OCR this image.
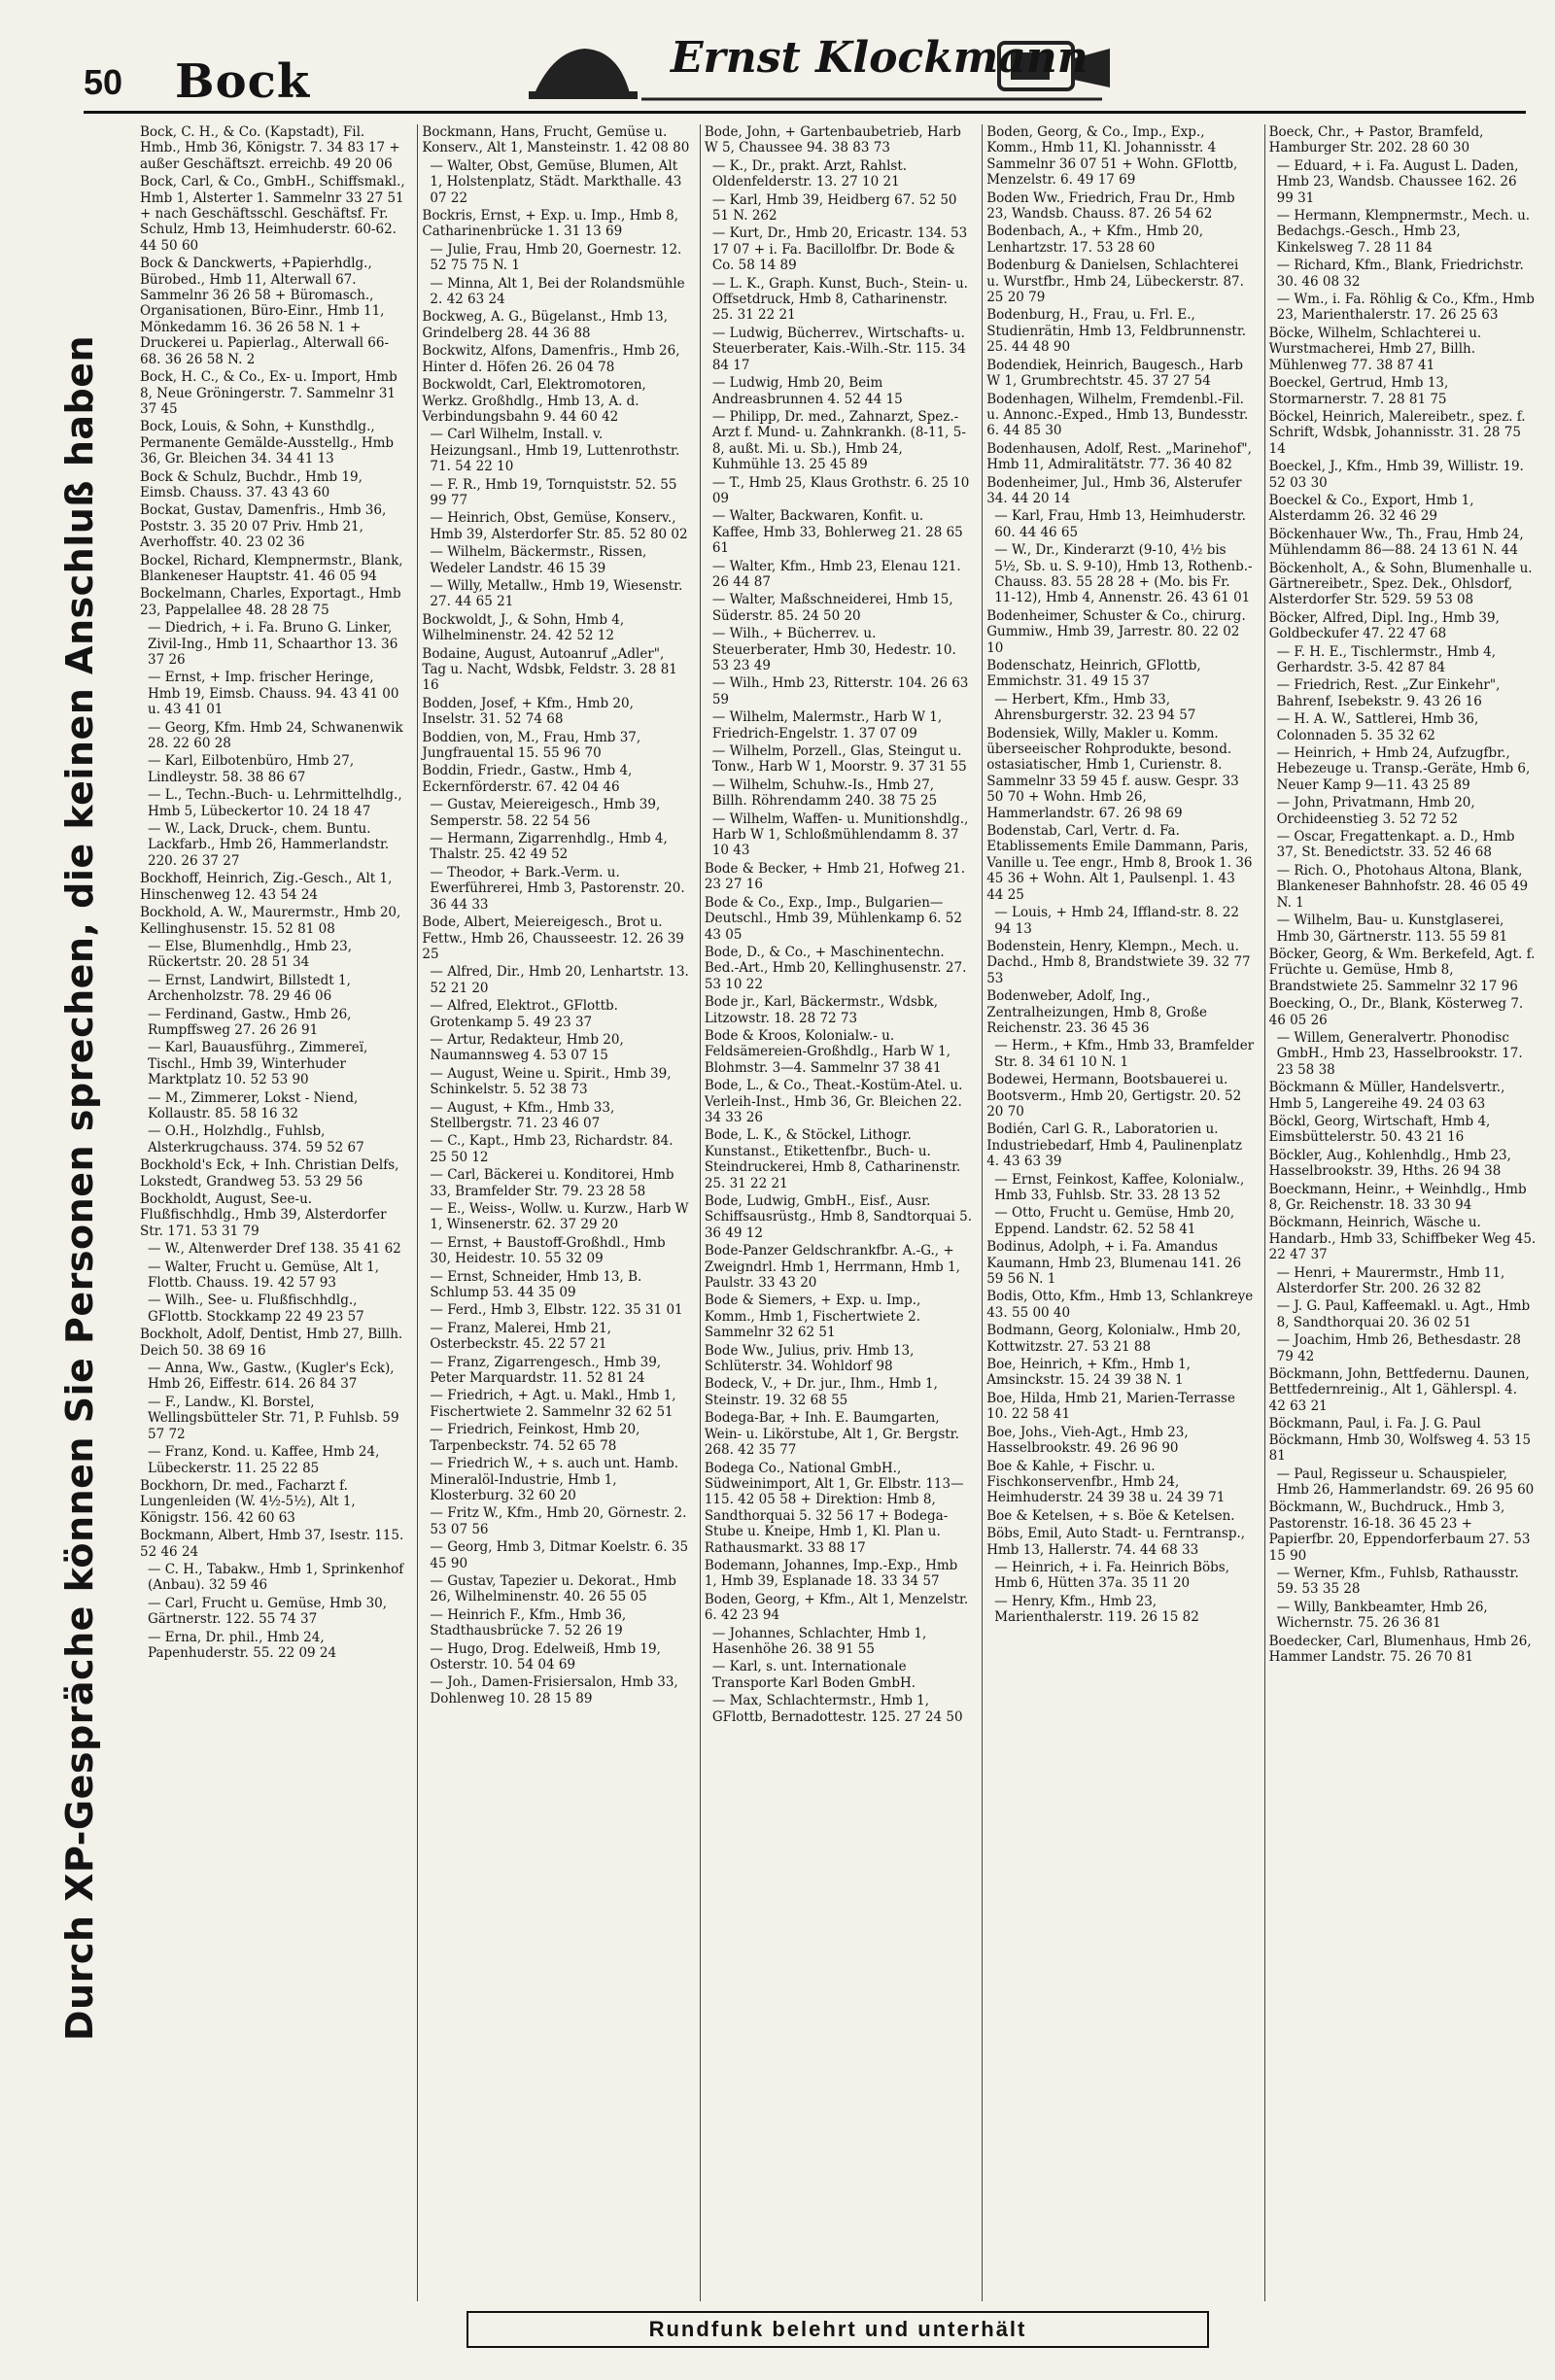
50 Bock	Ernst Klockmann
Durch XP-Gespräche können Sie Personen sprechen, die keinen Anschluß haben

Bock, C. H., & Co. (Kapstadt), Fil. Hmb., Hmb 36, Königstr. 7. 34 83 17 + außer Geschäftszt. erreichb. 49 20 06

Bock, Carl, & Co., GmbH., Schiffsmakl., Hmb 1, Alsterter 1. Sammelnr 33 27 51 + nach Geschäftsschl. Geschäftsf. Fr. Schulz, Hmb 13, Heimhuderstr. 60-62. 44 50 60

Bock & Danckwerts, +Papierhdlg., Bürobed., Hmb 11, Alterwall 67. Sammelnr 36 26 58 + Büromasch., Organisationen, Büro-Einr., Hmb 11, Mönkedamm 16. 36 26 58 N. 1 + Druckerei u. Papierlag., Alterwall 66-68. 36 26 58 N. 2

Bock, H. C., & Co., Ex- u. Import, Hmb 8, Neue Gröningerstr. 7. Sammelnr 31 37 45

Bock, Louis, & Sohn, + Kunsthdlg., Permanente Gemälde-Ausstellg., Hmb 36, Gr. Bleichen 34. 34 41 13

Bock & Schulz, Buchdr., Hmb 19, Eimsb. Chauss. 37. 43 43 60

Bockat, Gustav, Damenfris., Hmb 36, Poststr. 3. 35 20 07 Priv. Hmb 21, Averhoffstr. 40. 23 02 36

Bockel, Richard, Klempnermstr., Blank, Blankeneser Hauptstr. 41. 46 05 94

Bockelmann, Charles, Exportagt., Hmb 23, Pappelallee 48. 28 28 75

— Diedrich, + i. Fa. Bruno G. Linker, Zivil-Ing., Hmb 11, Schaarthor 13. 36 37 26

— Ernst, + Imp. frischer Heringe, Hmb 19, Eimsb. Chauss. 94. 43 41 00 u. 43 41 01

— Georg, Kfm. Hmb 24, Schwanenwik 28. 22 60 28

— Karl, Eilbotenbüro, Hmb 27, Lindleystr. 58. 38 86 67

— L., Techn.-Buch- u. Lehrmittelhdlg., Hmb 5, Lübeckertor 10. 24 18 47

— W., Lack, Druck-, chem. Buntu. Lackfarb., Hmb 26, Hammerlandstr. 220. 26 37 27

Bockhoff, Heinrich, Zig.-Gesch., Alt 1, Hinschenweg 12. 43 54 24

Bockhold, A. W., Maurermstr., Hmb 20, Kellinghusenstr. 15. 52 81 08

— Else, Blumenhdlg., Hmb 23, Rückertstr. 20. 28 51 34

— Ernst, Landwirt, Billstedt 1, Archenholzstr. 78. 29 46 06

— Ferdinand, Gastw., Hmb 26, Rumpffsweg 27. 26 26 91

— Karl, Bauausführg., Zimmereï, Tischl., Hmb 39, Winterhuder Marktplatz 10. 52 53 90

— M., Zimmerer, Lokst - Niend, Kollaustr. 85. 58 16 32

— O.H., Holzhdlg., Fuhlsb, Alsterkrugchauss. 374. 59 52 67

Bockhold's Eck, + Inh. Christian Delfs, Lokstedt, Grandweg 53. 53 29 56

Bockholdt, August, See-u. Flußfischhdlg., Hmb 39, Alsterdorfer Str. 171. 53 31 79

— W., Altenwerder Dref 138. 35 41 62

— Walter, Frucht u. Gemüse, Alt 1, Flottb. Chauss. 19. 42 57 93

— Wilh., See- u. Flußfischhdlg., GFlottb. Stockkamp 22 49 23 57

Bockholt, Adolf, Dentist, Hmb 27, Billh. Deich 50. 38 69 16

— Anna, Ww., Gastw., (Kugler's Eck), Hmb 26, Eiffestr. 614. 26 84 37

— F., Landw., Kl. Borstel, Wellingsbütteler Str. 71, P. Fuhlsb. 59 57 72

— Franz, Kond. u. Kaffee, Hmb 24, Lübeckerstr. 11. 25 22 85

Bockhorn, Dr. med., Facharzt f. Lungenleiden (W. 4½-5½), Alt 1, Königstr. 156. 42 60 63

Bockmann, Albert, Hmb 37, Isestr. 115. 52 46 24

— C. H., Tabakw., Hmb 1, Sprinkenhof (Anbau). 32 59 46

— Carl, Frucht u. Gemüse, Hmb 30, Gärtnerstr. 122. 55 74 37

— Erna, Dr. phil., Hmb 24, Papenhuderstr. 55. 22 09 24

Bockmann, Hans, Frucht, Gemüse u. Konserv., Alt 1, Mansteinstr. 1. 42 08 80

— Walter, Obst, Gemüse, Blumen, Alt 1, Holstenplatz, Städt. Markthalle. 43 07 22

Bockris, Ernst, + Exp. u. Imp., Hmb 8, Catharinenbrücke 1. 31 13 69

— Julie, Frau, Hmb 20, Goernestr. 12. 52 75 75 N. 1

— Minna, Alt 1, Bei der Rolandsmühle 2. 42 63 24

Bockweg, A. G., Bügelanst., Hmb 13, Grindelberg 28. 44 36 88

Bockwitz, Alfons, Damenfris., Hmb 26, Hinter d. Höfen 26. 26 04 78

Bockwoldt, Carl, Elektromotoren, Werkz. Großhdlg., Hmb 13, A. d. Verbindungsbahn 9. 44 60 42

— Carl Wilhelm, Install. v. Heizungsanl., Hmb 19, Luttenrothstr. 71. 54 22 10

— F. R., Hmb 19, Tornquiststr. 52. 55 99 77

— Heinrich, Obst, Gemüse, Konserv., Hmb 39, Alsterdorfer Str. 85. 52 80 02

— Wilhelm, Bäckermstr., Rissen, Wedeler Landstr. 46 15 39

— Willy, Metallw., Hmb 19, Wiesenstr. 27. 44 65 21

Bockwoldt, J., & Sohn, Hmb 4, Wilhelminenstr. 24. 42 52 12

Bodaine, August, Autoanruf „Adler", Tag u. Nacht, Wdsbk, Feldstr. 3. 28 81 16

Bodden, Josef, + Kfm., Hmb 20, Inselstr. 31. 52 74 68

Boddien, von, M., Frau, Hmb 37, Jungfrauental 15. 55 96 70

Boddin, Friedr., Gastw., Hmb 4, Eckernförderstr. 67. 42 04 46

— Gustav, Meiereigesch., Hmb 39, Semperstr. 58. 22 54 56

— Hermann, Zigarrenhdlg., Hmb 4, Thalstr. 25. 42 49 52

— Theodor, + Bark.-Verm. u. Ewerführerei, Hmb 3, Pastorenstr. 20. 36 44 33

Bode, Albert, Meiereigesch., Brot u. Fettw., Hmb 26, Chausseestr. 12. 26 39 25

— Alfred, Dir., Hmb 20, Lenhartstr. 13. 52 21 20

— Alfred, Elektrot., GFlottb. Grotenkamp 5. 49 23 37

— Artur, Redakteur, Hmb 20, Naumannsweg 4. 53 07 15

— August, Weine u. Spirit., Hmb 39, Schinkelstr. 5. 52 38 73

— August, + Kfm., Hmb 33, Stellbergstr. 71. 23 46 07

— C., Kapt., Hmb 23, Richardstr. 84. 25 50 12

— Carl, Bäckerei u. Konditorei, Hmb 33, Bramfelder Str. 79. 23 28 58

— E., Weiss-, Wollw. u. Kurzw., Harb W 1, Winsenerstr. 62. 37 29 20

— Ernst, + Baustoff-Großhdl., Hmb 30, Heidestr. 10. 55 32 09

— Ernst, Schneider, Hmb 13, B. Schlump 53. 44 35 09

— Ferd., Hmb 3, Elbstr. 122. 35 31 01

— Franz, Malerei, Hmb 21, Osterbeckstr. 45. 22 57 21

— Franz, Zigarrengesch., Hmb 39, Peter Marquardstr. 11. 52 81 24

— Friedrich, + Agt. u. Makl., Hmb 1, Fischertwiete 2. Sammelnr 32 62 51

— Friedrich, Feinkost, Hmb 20, Tarpenbeckstr. 74. 52 65 78

— Friedrich W., + s. auch unt. Hamb. Mineralöl-Industrie, Hmb 1, Klosterburg. 32 60 20

— Fritz W., Kfm., Hmb 20, Görnestr. 2. 53 07 56

— Georg, Hmb 3, Ditmar Koelstr. 6. 35 45 90

— Gustav, Tapezier u. Dekorat., Hmb 26, Wilhelminenstr. 40. 26 55 05

— Heinrich F., Kfm., Hmb 36, Stadthausbrücke 7. 52 26 19

— Hugo, Drog. Edelweiß, Hmb 19, Osterstr. 10. 54 04 69

— Joh., Damen-Frisiersalon, Hmb 33, Dohlenweg 10. 28 15 89

Bode, John, + Gartenbaubetrieb, Harb W 5, Chaussee 94. 38 83 73

— K., Dr., prakt. Arzt, Rahlst. Oldenfelderstr. 13. 27 10 21

— Karl, Hmb 39, Heidberg 67. 52 50 51 N. 262

— Kurt, Dr., Hmb 20, Ericastr. 134. 53 17 07 + i. Fa. Bacillolfbr. Dr. Bode & Co. 58 14 89

— L. K., Graph. Kunst, Buch-, Stein- u. Offsetdruck, Hmb 8, Catharinenstr. 25. 31 22 21

— Ludwig, Bücherrev., Wirtschafts- u. Steuerberater, Kais.-Wilh.-Str. 115. 34 84 17

— Ludwig, Hmb 20, Beim Andreasbrunnen 4. 52 44 15

— Philipp, Dr. med., Zahnarzt, Spez.-Arzt f. Mund- u. Zahnkrankh. (8-11, 5-8, außt. Mi. u. Sb.), Hmb 24, Kuhmühle 13. 25 45 89

— T., Hmb 25, Klaus Grothstr. 6. 25 10 09

— Walter, Backwaren, Konfit. u. Kaffee, Hmb 33, Bohlerweg 21. 28 65 61

— Walter, Kfm., Hmb 23, Elenau 121. 26 44 87

— Walter, Maßschneiderei, Hmb 15, Süderstr. 85. 24 50 20

— Wilh., + Bücherrev. u. Steuerberater, Hmb 30, Hedestr. 10. 53 23 49

— Wilh., Hmb 23, Ritterstr. 104. 26 63 59

— Wilhelm, Malermstr., Harb W 1, Friedrich-Engelstr. 1. 37 07 09

— Wilhelm, Porzell., Glas, Steingut u. Tonw., Harb W 1, Moorstr. 9. 37 31 55

— Wilhelm, Schuhw.-Is., Hmb 27, Billh. Röhrendamm 240. 38 75 25

— Wilhelm, Waffen- u. Munitionshdlg., Harb W 1, Schloßmühlendamm 8. 37 10 43

Bode & Becker, + Hmb 21, Hofweg 21. 23 27 16

Bode & Co., Exp., Imp., Bulgarien—Deutschl., Hmb 39, Mühlenkamp 6. 52 43 05

Bode, D., & Co., + Maschinentechn. Bed.-Art., Hmb 20, Kellinghusenstr. 27. 53 10 22

Bode jr., Karl, Bäckermstr., Wdsbk, Litzowstr. 18. 28 72 73

Bode & Kroos, Kolonialw.- u. Feldsämereien-Großhdlg., Harb W 1, Blohmstr. 3—4. Sammelnr 37 38 41

Bode, L., & Co., Theat.-Kostüm-Atel. u. Verleih-Inst., Hmb 36, Gr. Bleichen 22. 34 33 26

Bode, L. K., & Stöckel, Lithogr. Kunstanst., Etikettenfbr., Buch- u. Steindruckerei, Hmb 8, Catharinenstr. 25. 31 22 21

Bode, Ludwig, GmbH., Eisf., Ausr. Schiffsausrüstg., Hmb 8, Sandtorquai 5. 36 49 12

Bode-Panzer Geldschrankfbr. A.-G., + Zweigndrl. Hmb 1, Herrmann, Hmb 1, Paulstr. 33 43 20

Bode & Siemers, + Exp. u. Imp., Komm., Hmb 1, Fischertwiete 2. Sammelnr 32 62 51

Bode Ww., Julius, priv. Hmb 13, Schlüterstr. 34. Wohldorf 98

Bodeck, V., + Dr. jur., Ihm., Hmb 1, Steinstr. 19. 32 68 55

Bodega-Bar, + Inh. E. Baumgarten, Wein- u. Likörstube, Alt 1, Gr. Bergstr. 268. 42 35 77

Bodega Co., National GmbH., Südweinimport, Alt 1, Gr. Elbstr. 113—115. 42 05 58 + Direktion: Hmb 8, Sandthorquai 5. 32 56 17 + Bodega-Stube u. Kneipe, Hmb 1, Kl. Plan u. Rathausmarkt. 33 88 17

Bodemann, Johannes, Imp.-Exp., Hmb 1, Hmb 39, Esplanade 18. 33 34 57

Boden, Georg, + Kfm., Alt 1, Menzelstr. 6. 42 23 94

— Johannes, Schlachter, Hmb 1, Hasenhöhe 26. 38 91 55

— Karl, s. unt. Internationale Transporte Karl Boden GmbH.

— Max, Schlachtermstr., Hmb 1, GFlottb, Bernadottestr. 125. 27 24 50

Boden, Georg, & Co., Imp., Exp., Komm., Hmb 11, Kl. Johannisstr. 4 Sammelnr 36 07 51 + Wohn. GFlottb, Menzelstr. 6. 49 17 69

Boden Ww., Friedrich, Frau Dr., Hmb 23, Wandsb. Chauss. 87. 26 54 62

Bodenbach, A., + Kfm., Hmb 20, Lenhartzstr. 17. 53 28 60

Bodenburg & Danielsen, Schlachterei u. Wurstfbr., Hmb 24, Lübeckerstr. 87. 25 20 79

Bodenburg, H., Frau, u. Frl. E., Studienrätin, Hmb 13, Feldbrunnenstr. 25. 44 48 90

Bodendiek, Heinrich, Baugesch., Harb W 1, Grumbrechtstr. 45. 37 27 54

Bodenhagen, Wilhelm, Fremdenbl.-Fil. u. Annonc.-Exped., Hmb 13, Bundesstr. 6. 44 85 30

Bodenhausen, Adolf, Rest. „Marinehof", Hmb 11, Admiralitätstr. 77. 36 40 82

Bodenheimer, Jul., Hmb 36, Alsterufer 34. 44 20 14

— Karl, Frau, Hmb 13, Heimhuderstr. 60. 44 46 65

— W., Dr., Kinderarzt (9-10, 4½ bis 5½, Sb. u. S. 9-10), Hmb 13, Rothenb.-Chauss. 83. 55 28 28 + (Mo. bis Fr. 11-12), Hmb 4, Annenstr. 26. 43 61 01

Bodenheimer, Schuster & Co., chirurg. Gummiw., Hmb 39, Jarrestr. 80. 22 02 10

Bodenschatz, Heinrich, GFlottb, Emmichstr. 31. 49 15 37

— Herbert, Kfm., Hmb 33, Ahrensburgerstr. 32. 23 94 57

Bodensiek, Willy, Makler u. Komm. überseeischer Rohprodukte, besond. ostasiatischer, Hmb 1, Curienstr. 8. Sammelnr 33 59 45 f. ausw. Gespr. 33 50 70 + Wohn. Hmb 26, Hammerlandstr. 67. 26 98 69

Bodenstab, Carl, Vertr. d. Fa. Etablissements Emile Dammann, Paris, Vanille u. Tee engr., Hmb 8, Brook 1. 36 45 36 + Wohn. Alt 1, Paulsenpl. 1. 43 44 25

— Louis, + Hmb 24, Iffland-str. 8. 22 94 13

Bodenstein, Henry, Klempn., Mech. u. Dachd., Hmb 8, Brandstwiete 39. 32 77 53

Bodenweber, Adolf, Ing., Zentralheizungen, Hmb 8, Große Reichenstr. 23. 36 45 36

— Herm., + Kfm., Hmb 33, Bramfelder Str. 8. 34 61 10 N. 1

Bodewei, Hermann, Bootsbauerei u. Bootsverm., Hmb 20, Gertigstr. 20. 52 20 70

Bodién, Carl G. R., Laboratorien u. Industriebedarf, Hmb 4, Paulinenplatz 4. 43 63 39

— Ernst, Feinkost, Kaffee, Kolonialw., Hmb 33, Fuhlsb. Str. 33. 28 13 52

— Otto, Frucht u. Gemüse, Hmb 20, Eppend. Landstr. 62. 52 58 41

Bodinus, Adolph, + i. Fa. Amandus Kaumann, Hmb 23, Blumenau 141. 26 59 56 N. 1

Bodis, Otto, Kfm., Hmb 13, Schlankreye 43. 55 00 40

Bodmann, Georg, Kolonialw., Hmb 20, Kottwitzstr. 27. 53 21 88

Boe, Heinrich, + Kfm., Hmb 1, Amsinckstr. 15. 24 39 38 N. 1

Boe, Hilda, Hmb 21, Marien-Terrasse 10. 22 58 41

Boe, Johs., Vieh-Agt., Hmb 23, Hasselbrookstr. 49. 26 96 90

Boe & Kahle, + Fischr. u. Fischkonservenfbr., Hmb 24, Heimhuderstr. 24 39 38 u. 24 39 71

Boe & Ketelsen, + s. Böe & Ketelsen.

Böbs, Emil, Auto Stadt- u. Ferntransp., Hmb 13, Hallerstr. 74. 44 68 33

— Heinrich, + i. Fa. Heinrich Böbs, Hmb 6, Hütten 37a. 35 11 20

— Henry, Kfm., Hmb 23, Marienthalerstr. 119. 26 15 82

Boeck, Chr., + Pastor, Bramfeld, Hamburger Str. 202. 28 60 30

— Eduard, + i. Fa. August L. Daden, Hmb 23, Wandsb. Chaussee 162. 26 99 31

— Hermann, Klempnermstr., Mech. u. Bedachgs.-Gesch., Hmb 23, Kinkelsweg 7. 28 11 84

— Richard, Kfm., Blank, Friedrichstr. 30. 46 08 32

— Wm., i. Fa. Röhlig & Co., Kfm., Hmb 23, Marienthalerstr. 17. 26 25 63

Böcke, Wilhelm, Schlachterei u. Wurstmacherei, Hmb 27, Billh. Mühlenweg 77. 38 87 41

Boeckel, Gertrud, Hmb 13, Stormarnerstr. 7. 28 81 75

Böckel, Heinrich, Malereibetr., spez. f. Schrift, Wdsbk, Johannisstr. 31. 28 75 14

Boeckel, J., Kfm., Hmb 39, Willistr. 19. 52 03 30

Boeckel & Co., Export, Hmb 1, Alsterdamm 26. 32 46 29

Böckenhauer Ww., Th., Frau, Hmb 24, Mühlendamm 86—88. 24 13 61 N. 44

Böckenholt, A., & Sohn, Blumenhalle u. Gärtnereibetr., Spez. Dek., Ohlsdorf, Alsterdorfer Str. 529. 59 53 08

Böcker, Alfred, Dipl. Ing., Hmb 39, Goldbeckufer 47. 22 47 68

— F. H. E., Tischlermstr., Hmb 4, Gerhardstr. 3-5. 42 87 84

— Friedrich, Rest. „Zur Einkehr", Bahrenf, Isebekstr. 9. 43 26 16

— H. A. W., Sattlerei, Hmb 36, Colonnaden 5. 35 32 62

— Heinrich, + Hmb 24, Aufzugfbr., Hebezeuge u. Transp.-Geräte, Hmb 6, Neuer Kamp 9—11. 43 25 89

— John, Privatmann, Hmb 20, Orchideenstieg 3. 52 72 52

— Oscar, Fregattenkapt. a. D., Hmb 37, St. Benedictstr. 33. 52 46 68

— Rich. O., Photohaus Altona, Blank, Blankeneser Bahnhofstr. 28. 46 05 49 N. 1

— Wilhelm, Bau- u. Kunstglaserei, Hmb 30, Gärtnerstr. 113. 55 59 81

Böcker, Georg, & Wm. Berkefeld, Agt. f. Früchte u. Gemüse, Hmb 8, Brandstwiete 25. Sammelnr 32 17 96

Boecking, O., Dr., Blank, Kösterweg 7. 46 05 26

— Willem, Generalvertr. Phonodisc GmbH., Hmb 23, Hasselbrookstr. 17. 23 58 38

Böckmann & Müller, Handelsvertr., Hmb 5, Langereihe 49. 24 03 63

Böckl, Georg, Wirtschaft, Hmb 4, Eimsbüttelerstr. 50. 43 21 16

Böckler, Aug., Kohlenhdlg., Hmb 23, Hasselbrookstr. 39, Hths. 26 94 38

Boeckmann, Heinr., + Weinhdlg., Hmb 8, Gr. Reichenstr. 18. 33 30 94

Böckmann, Heinrich, Wäsche u. Handarb., Hmb 33, Schiffbeker Weg 45. 22 47 37

— Henri, + Maurermstr., Hmb 11, Alsterdorfer Str. 200. 26 32 82

— J. G. Paul, Kaffeemakl. u. Agt., Hmb 8, Sandthorquai 20. 36 02 51

— Joachim, Hmb 26, Bethesdastr. 28 79 42

Böckmann, John, Bettfedernu. Daunen, Bettfedernreinig., Alt 1, Gählerspl. 4. 42 63 21

Böckmann, Paul, i. Fa. J. G. Paul Böckmann, Hmb 30, Wolfsweg 4. 53 15 81

— Paul, Regisseur u. Schauspieler, Hmb 26, Hammerlandstr. 69. 26 95 60

Böckmann, W., Buchdruck., Hmb 3, Pastorenstr. 16-18. 36 45 23 + Papierfbr. 20, Eppendorferbaum 27. 53 15 90

— Werner, Kfm., Fuhlsb, Rathausstr. 59. 53 35 28

— Willy, Bankbeamter, Hmb 26, Wichernstr. 75. 26 36 81

Boedecker, Carl, Blumenhaus, Hmb 26, Hammer Landstr. 75. 26 70 81

Rundfunk belehrt und unterhält
